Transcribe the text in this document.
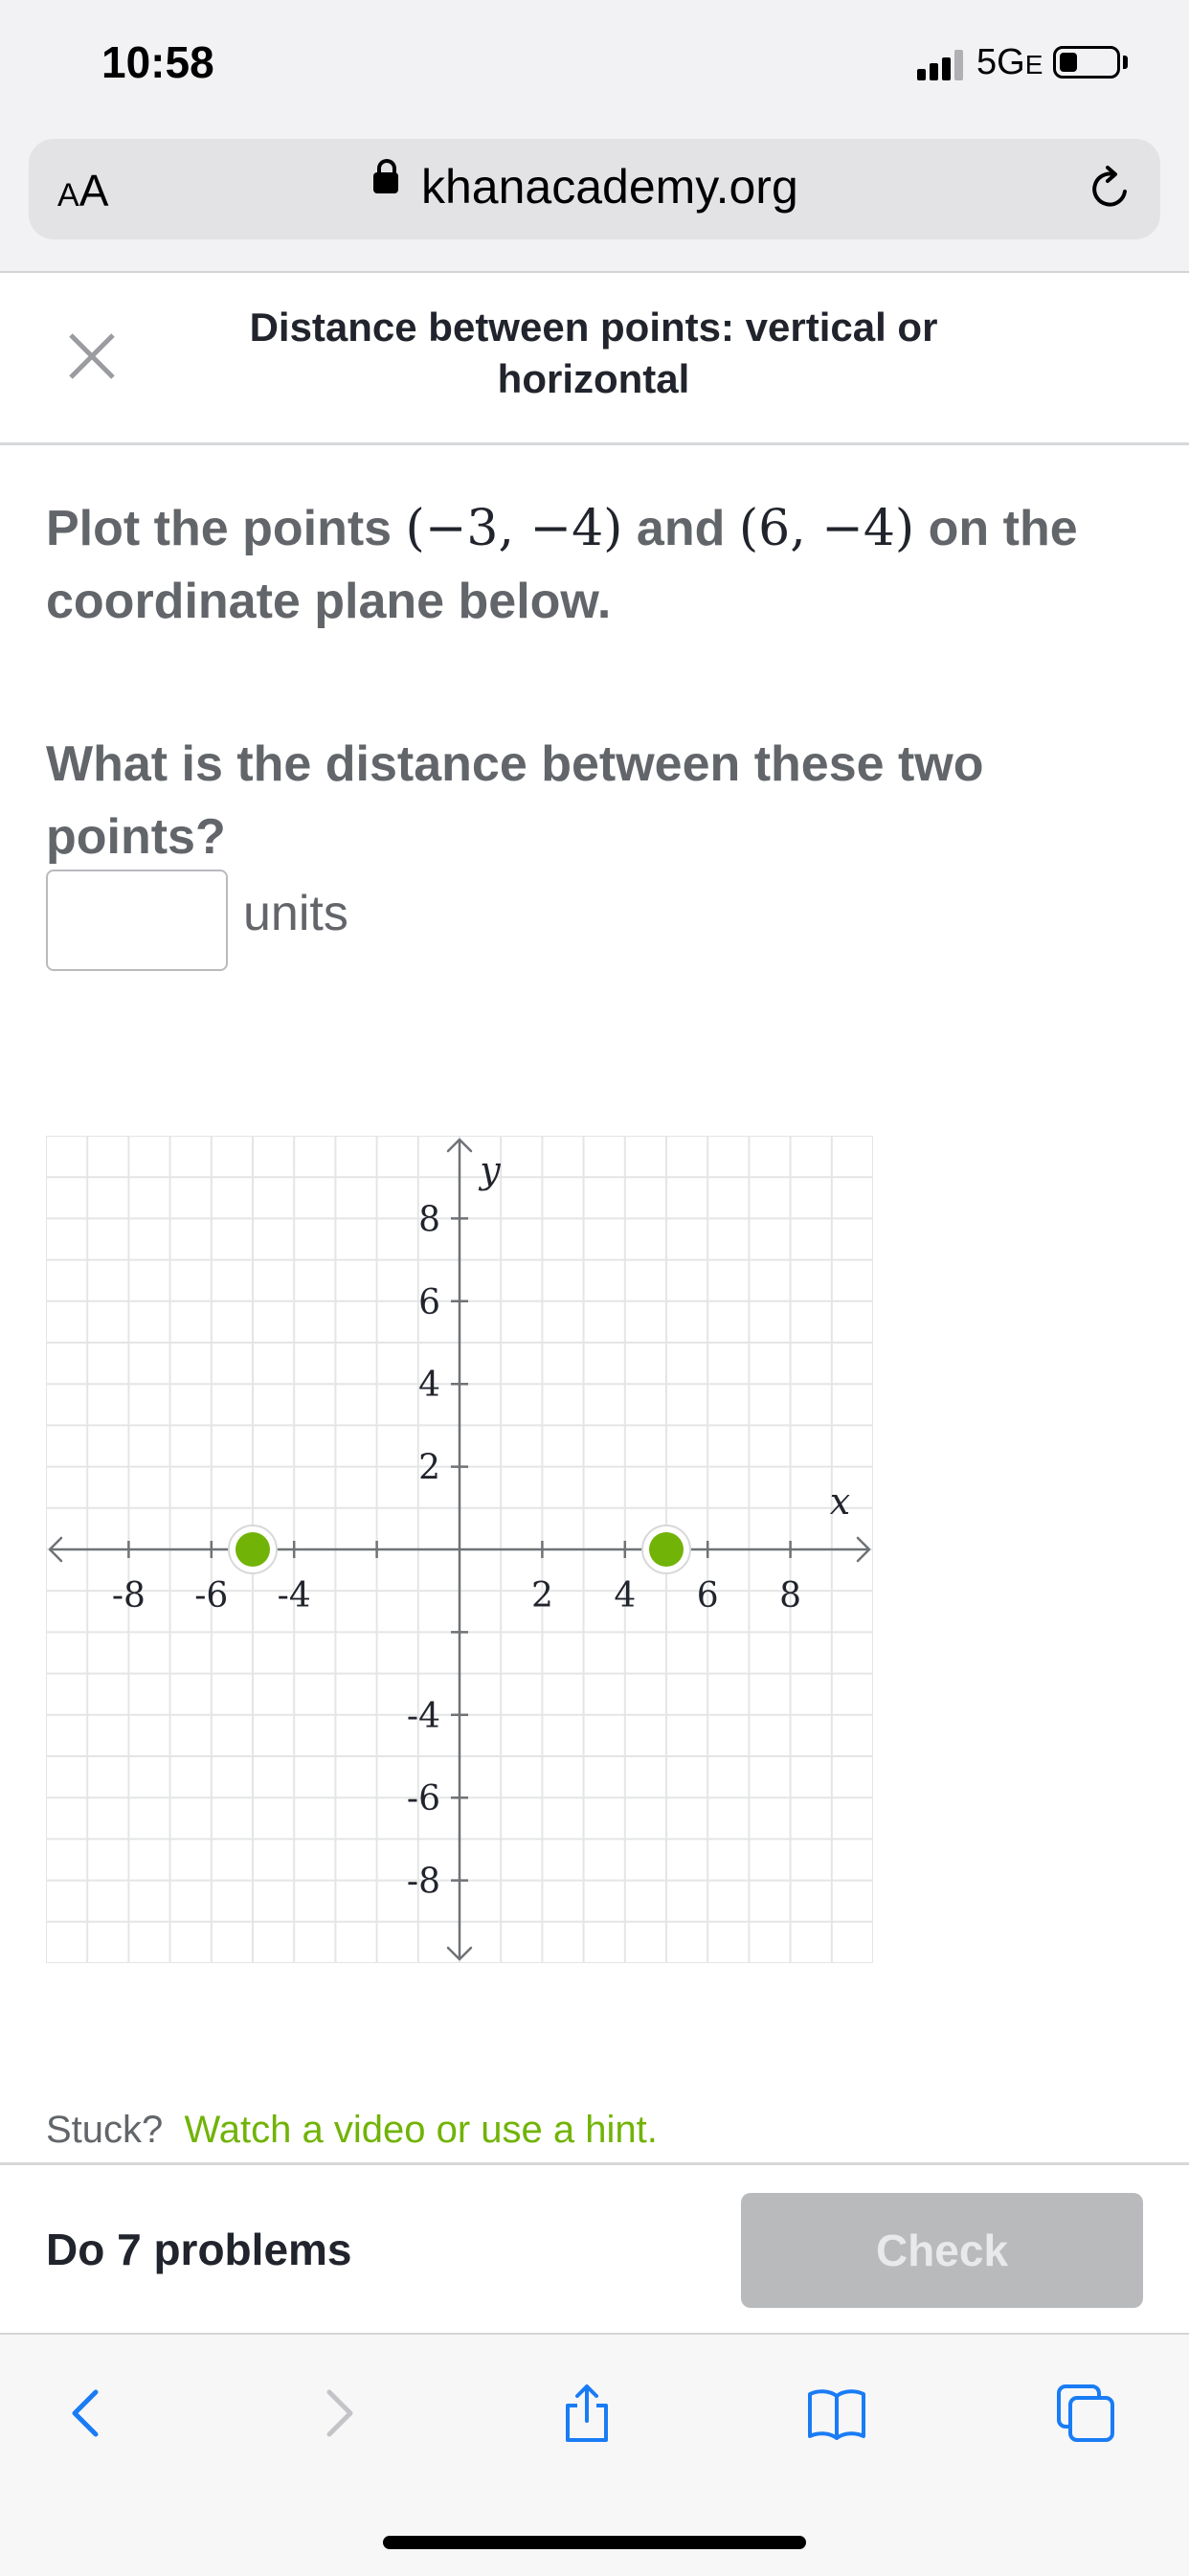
10:58	5GE
AA	khanacademy.org
Distance between points: vertical or horizontal
Plot the points (−3, −4) and (6, −4) on the coordinate plane below.
What is the distance between these two points?
units
-8 -6 -4	2 4 6 8
8
6
4
2
-4
-6
-8
x
y
Stuck? Watch a video or use a hint.
Do 7 problems	Check
